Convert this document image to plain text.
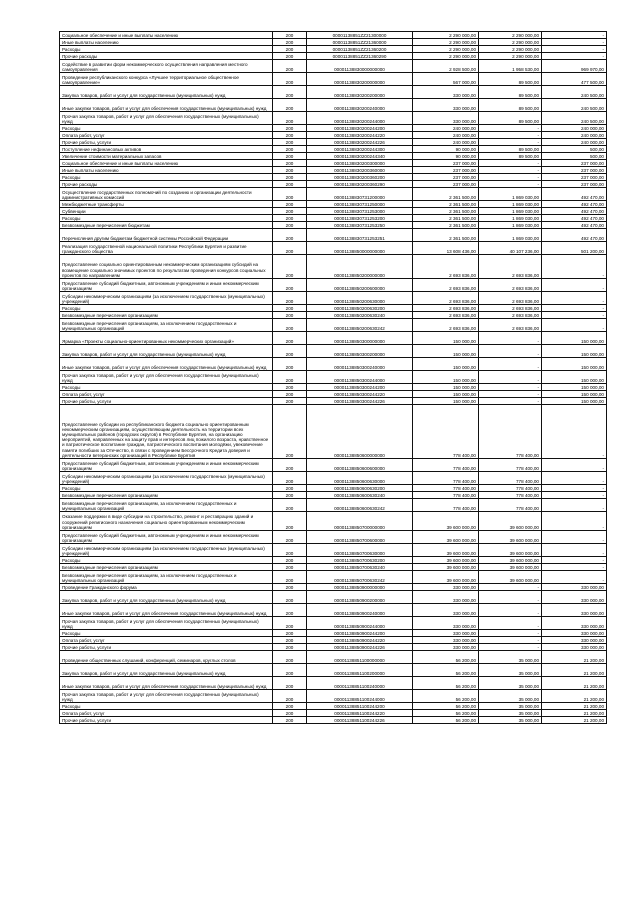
Социальное обеспечение и иные выплаты населению	200	00001138851ZZ21300000	2 290 000,00	2 290 000,00	-
Иные выплаты населению	200	00001138851ZZ21360000	2 290 000,00	2 290 000,00	-
Расходы	200	00001138851ZZ21360200	2 290 000,00	2 290 000,00	-
Прочие расходы	200	00001138851ZZ21360290	2 290 000,00	2 290 000,00	-
Содействие в развитии форм некоммерческого осуществления направления местного самоуправления	200	00001138830000000000	2 928 500,00	1 958 530,00	969 970,00
Проведение республиканского конкурса «Лучшее территориальное общественное самоуправление»	200	00001138830200000000	567 000,00	89 500,00	477 500,00
Закупка товаров, работ и услуг для государственных (муниципальных) нужд	200	00001138830200200000	330 000,00	89 500,00	240 500,00
Иные закупки товаров, работ и услуг для обеспечения государственных (муниципальных) нужд	200	00001138830200240000	330 000,00	89 500,00	240 500,00
Прочая закупка товаров, работ и услуг для обеспечения государственных (муниципальных) нужд	200	00001138830200244000	330 000,00	89 500,00	240 500,00
Расходы	200	00001138830200244200	240 000,00	-	240 000,00
Оплата работ, услуг	200	00001138830200244220	240 000,00	-	240 000,00
Прочие работы, услуги	200	00001138830200244226	240 000,00	-	240 000,00
Поступление нефинансовых активов	200	00001138830200244300	90 000,00	89 500,00	500,00
Увеличение стоимости материальных запасов	200	00001138830200244340	90 000,00	89 500,00	500,00
Социальное обеспечение и иные выплаты населению	200	00001138830200300000	237 000,00	-	237 000,00
Иные выплаты населению	200	00001138830200360000	237 000,00	-	237 000,00
Расходы	200	00001138830200360200	237 000,00	-	237 000,00
Прочие расходы	200	00001138830200360290	237 000,00	-	237 000,00
Осуществление государственных полномочий по созданию и организации деятельности административных комиссий	200	00001138830731200000	2 361 500,00	1 869 030,00	492 470,00
Межбюджетные трансферты	200	00001138830731250000	2 361 500,00	1 869 030,00	492 470,00
Субвенции	200	00001138830731253000	2 361 500,00	1 869 030,00	492 470,00
Расходы	200	00001138830731253200	2 361 500,00	1 869 030,00	492 470,00
Безвозмездные перечисления бюджетам	200	00001138830731253250	2 361 500,00	1 869 030,00	492 470,00
Перечисления другим бюджетам бюджетной системы Российской Федерации	200	00001138830731253251	2 361 500,00	1 869 030,00	492 470,00
Реализация государственной национальной политики Республики Бурятия и развитие гражданского общества	200	00001138850000000000	13 608 436,00	40 107 236,00	501 200,00
Предоставление социально ориентированным некоммерческим организациям субсидий на возмещение социально значимых проектов по результатам проведения конкурсов социальных проектов по направлениям	200	00001138850200000000	2 693 836,00	2 693 836,00	-
Предоставление субсидий бюджетным, автономным учреждениям и иным некоммерческим организациям	200	00001138850200600000	2 693 836,00	2 693 836,00	-
Субсидии некоммерческим организациям (за исключением государственных (муниципальных) учреждений)	200	00001138850200630000	2 693 836,00	2 693 836,00	-
Расходы	200	00001138850200630200	2 693 836,00	2 693 836,00	-
Безвозмездные перечисления организациям	200	00001138850200630240	2 693 836,00	2 693 836,00	-
Безвозмездные перечисления организациям, за исключением государственных и муниципальных организаций	200	00001138850200630242	2 693 836,00	2 693 836,00	-
Ярмарка «Проекты социально-ориентированных некоммерческих организаций»	200	00001138850300000000	150 000,00	-	150 000,00
Закупка товаров, работ и услуг для государственных (муниципальных) нужд	200	00001138850300200000	150 000,00	-	150 000,00
Иные закупки товаров, работ и услуг для обеспечения государственных (муниципальных) нужд	200	00001138850300240000	150 000,00	-	150 000,00
Прочая закупка товаров, работ и услуг для обеспечения государственных (муниципальных) нужд	200	00001138850300244000	150 000,00	-	150 000,00
Расходы	200	00001138850300244200	150 000,00	-	150 000,00
Оплата работ, услуг	200	00001138850300244220	150 000,00	-	150 000,00
Прочие работы, услуги	200	00001138850300244226	150 000,00	-	150 000,00
Предоставление субсидии из республиканского бюджета социально ориентированным некоммерческим организациям, осуществляющим деятельность на территории всех муниципальных районов (городских округов) в Республике Бурятия, на организацию мероприятий, направленных на защиту прав и интересов лиц пожилого возраста, нравственное и патриотическое воспитание граждан, патриотического воспитания молодёжи, увековечение памяти погибших за Отечество, в связи с проведением Бессрочного Кредита доверия и деятельности ветеранских организаций в Республике Бурятия	200	00001138850600000000	778 400,00	778 400,00	-
Предоставление субсидий бюджетным, автономным учреждениям и иным некоммерческим организациям	200	00001138850600600000	778 400,00	778 400,00	-
Субсидии некоммерческим организациям (за исключением государственных (муниципальных) учреждений)	200	00001138850600630000	778 400,00	778 400,00	-
Расходы	200	00001138850600630200	778 400,00	778 400,00	-
Безвозмездные перечисления организациям	200	00001138850600630240	778 400,00	778 400,00	-
Безвозмездные перечисления организациям, за исключением государственных и муниципальных организаций	200	00001138850600630242	778 400,00	778 400,00	-
Оказание поддержки в виде субсидии на строительство, ремонт и реставрацию зданий и сооружений религиозного назначения социально ориентированным некоммерческим организациям	200	00001138850700000000	39 600 000,00	39 600 000,00	-
Предоставление субсидий бюджетным, автономным учреждениям и иным некоммерческим организациям	200	00001138850700600000	39 600 000,00	39 600 000,00	-
Субсидии некоммерческим организациям (за исключением государственных (муниципальных) учреждений)	200	00001138850700630000	39 600 000,00	39 600 000,00	-
Расходы	200	00001138850700630200	39 600 000,00	39 600 000,00	-
Безвозмездные перечисления организациям	200	00001138850700630240	39 600 000,00	39 600 000,00	-
Безвозмездные перечисления организациям, за исключением государственных и муниципальных организаций	200	00001138850700630242	39 600 000,00	39 600 000,00	-
Проведение Гражданского форума	200	00001138850900000000	330 000,00	-	330 000,00
Закупка товаров, работ и услуг для государственных (муниципальных) нужд	200	00001138850900200000	330 000,00	-	330 000,00
Иные закупки товаров, работ и услуг для обеспечения государственных (муниципальных) нужд	200	00001138850900240000	330 000,00	-	330 000,00
Прочая закупка товаров, работ и услуг для обеспечения государственных (муниципальных) нужд	200	00001138850900244000	330 000,00	-	330 000,00
Расходы	200	00001138850900244200	330 000,00	-	330 000,00
Оплата работ, услуг	200	00001138850900244220	330 000,00	-	330 000,00
Прочие работы, услуги	200	00001138850900244226	330 000,00	-	330 000,00
Проведение общественных слушаний, конференций, семинаров, круглых столов	200	00001138851100000000	56 200,00	35 000,00	21 200,00
Закупка товаров, работ и услуг для государственных (муниципальных) нужд	200	00001138851100200000	56 200,00	35 000,00	21 200,00
Иные закупки товаров, работ и услуг для обеспечения государственных (муниципальных) нужд	200	00001138851100240000	56 200,00	35 000,00	21 200,00
Прочая закупка товаров, работ и услуг для обеспечения государственных (муниципальных) нужд	200	00001138851100244000	56 200,00	35 000,00	21 200,00
Расходы	200	00001138851100244200	56 200,00	35 000,00	21 200,00
Оплата работ, услуг	200	00001138851100244220	56 200,00	35 000,00	21 200,00
Прочие работы, услуги	200	00001138851100244226	56 200,00	35 000,00	21 200,00
